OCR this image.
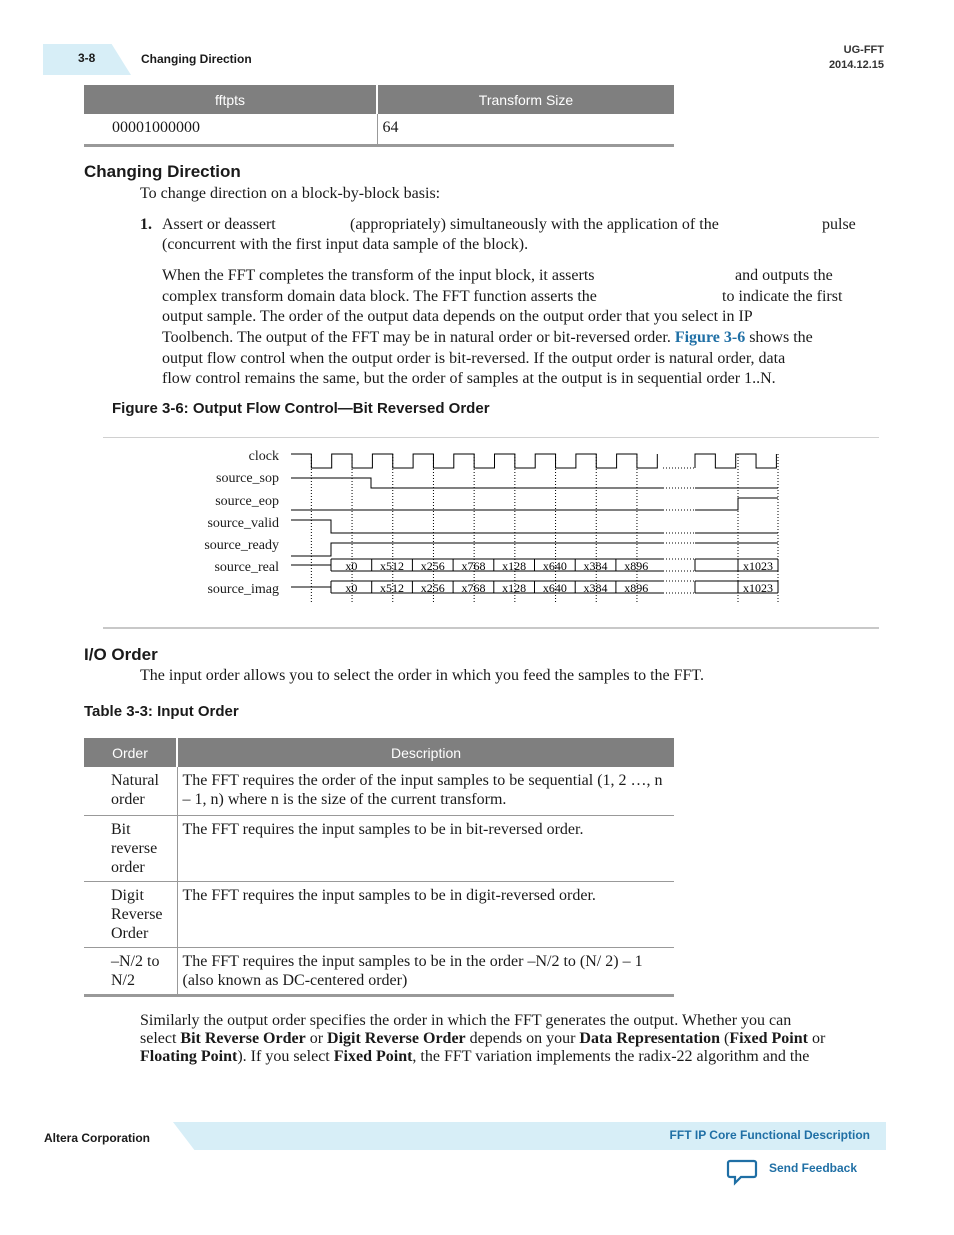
3-8	Changing Direction
UG-FFT
2014.12.15
fftpts	Transform Size
00001000000	64
Changing Direction
To change direction on a block-by-block basis:
1. Assert or deassert	(appropriately) simultaneously with the application of the	pulse
(concurrent with the first input data sample of the block).
When the FFT completes the transform of the input block, it asserts	and outputs the
complex transform domain data block. The FFT function asserts the	to indicate the first
output sample. The order of the output data depends on the output order that you select in IP
Toolbench. The output of the FFT may be in natural order or bit-reversed order. Figure 3-6 shows the
output flow control when the output order is bit-reversed. If the output order is natural order, data
flow control remains the same, but the order of samples at the output is in sequential order 1..N.
Figure 3-6: Output Flow Control—Bit Reversed Order
clock
source_sop
source_eop
source_valid
source_ready
source_real
source_imag
x0 x512 x256 x768 x128 x640 x384 x896	x1023
x0 x512 x256 x768 x128 x640 x384 x896	x1023
I/O Order
The input order allows you to select the order in which you feed the samples to the FFT.
Table 3-3: Input Order
Order	Description
Natural order	The FFT requires the order of the input samples to be sequential (1, 2 …, n – 1, n) where n is the size of the current transform.
Bit reverse order	The FFT requires the input samples to be in bit-reversed order.
Digit Reverse Order	The FFT requires the input samples to be in digit-reversed order.
–N/2 to N/2	The FFT requires the input samples to be in the order –N/2 to (N/ 2) – 1 (also known as DC-centered order)
Similarly the output order specifies the order in which the FFT generates the output. Whether you can
select Bit Reverse Order or Digit Reverse Order depends on your Data Representation (Fixed Point or
Floating Point). If you select Fixed Point, the FFT variation implements the radix-22 algorithm and the
Altera Corporation	FFT IP Core Functional Description
Send Feedback
